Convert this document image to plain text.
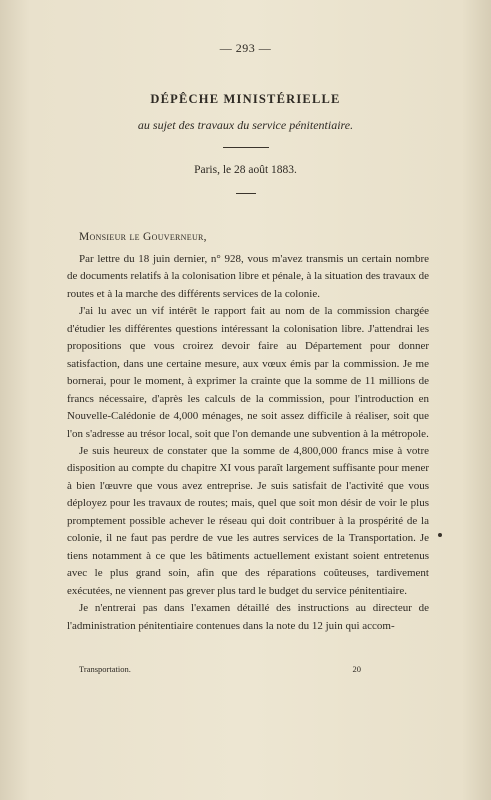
— 293 —
DÉPÊCHE MINISTÉRIELLE
au sujet des travaux du service pénitentiaire.
Paris, le 28 août 1883.
Monsieur le Gouverneur,

Par lettre du 18 juin dernier, n° 928, vous m'avez transmis un certain nombre de documents relatifs à la colonisation libre et pénale, à la situation des travaux de routes et à la marche des différents services de la colonie.

J'ai lu avec un vif intérêt le rapport fait au nom de la commission chargée d'étudier les différentes questions intéressant la colonisation libre. J'attendrai les propositions que vous croirez devoir faire au Département pour donner satisfaction, dans une certaine mesure, aux vœux émis par la commission. Je me bornerai, pour le moment, à exprimer la crainte que la somme de 11 millions de francs nécessaire, d'après les calculs de la commission, pour l'introduction en Nouvelle-Calédonie de 4,000 ménages, ne soit assez difficile à réaliser, soit que l'on s'adresse au trésor local, soit que l'on demande une subvention à la métropole.

Je suis heureux de constater que la somme de 4,800,000 francs mise à votre disposition au compte du chapitre XI vous paraît largement suffisante pour mener à bien l'œuvre que vous avez entreprise. Je suis satisfait de l'activité que vous déployez pour les travaux de routes; mais, quel que soit mon désir de voir le plus promptement possible achever le réseau qui doit contribuer à la prospérité de la colonie, il ne faut pas perdre de vue les autres services de la Transportation. Je tiens notamment à ce que les bâtiments actuellement existant soient entretenus avec le plus grand soin, afin que des réparations coûteuses, tardivement exécutées, ne viennent pas grever plus tard le budget du service pénitentiaire.

Je n'entrerai pas dans l'examen détaillé des instructions au directeur de l'administration pénitentiaire contenues dans la note du 12 juin qui accom-

Transportation.	20
